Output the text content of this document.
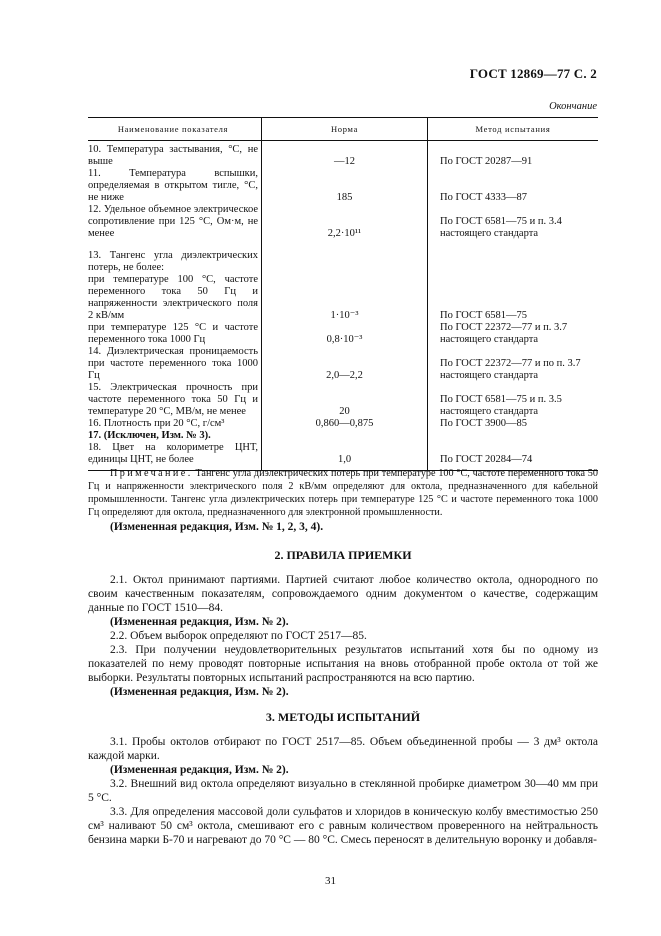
ГОСТ 12869—77 С. 2
Окончание
Наименование показателя	Норма	Метод испытания
10. Температура застывания, °С, не выше	—12	По ГОСТ 20287—91
11. Температура вспышки, определяемая в открытом тигле, °С, не ниже	185	По ГОСТ 4333—87
12. Удельное объемное электрическое сопротивление при 125 °С, Ом·м, не менее	2,2·10¹¹	По ГОСТ 6581—75 и п. 3.4 настоящего стандарта
13. Тангенс угла диэлектрических потерь, не более:		
при температуре 100 °С, частоте переменного тока 50 Гц и напряженности электрического поля 2 кВ/мм	1·10⁻³	По ГОСТ 6581—75
при температуре 125 °С и частоте переменного тока 1000 Гц	0,8·10⁻³	По ГОСТ 22372—77 и п. 3.7 настоящего стандарта
14. Диэлектрическая проницаемость при частоте переменного тока 1000 Гц	2,0—2,2	По ГОСТ 22372—77 и по п. 3.7 настоящего стандарта
15. Электрическая прочность при частоте переменного тока 50 Гц и температуре 20 °С, МВ/м, не менее	20	По ГОСТ 6581—75 и п. 3.5 настоящего стандарта
16. Плотность при 20 °С, г/см³	0,860—0,875	По ГОСТ 3900—85
17. (Исключен, Изм. № 3).		
18. Цвет на колориметре ЦНТ, единицы ЦНТ, не более	1,0	По ГОСТ 20284—74
Примечание. Тангенс угла диэлектрических потерь при температуре 100 °С, частоте переменного тока 50 Гц и напряженности электрического поля 2 кВ/мм определяют для октола, предназначенного для кабельной промышленности. Тангенс угла диэлектрических потерь при температуре 125 °С и частоте переменного тока 1000 Гц определяют для октола, предназначенного для электронной промышленности.

(Измененная редакция, Изм. № 1, 2, 3, 4).

2. ПРАВИЛА ПРИЕМКИ

2.1. Октол принимают партиями. Партией считают любое количество октола, однородного по своим качественным показателям, сопровождаемого одним документом о качестве, содержащим данные по ГОСТ 1510—84.

(Измененная редакция, Изм. № 2).

2.2. Объем выборок определяют по ГОСТ 2517—85.

2.3. При получении неудовлетворительных результатов испытаний хотя бы по одному из показателей по нему проводят повторные испытания на вновь отобранной пробе октола от той же выборки. Результаты повторных испытаний распространяются на всю партию.

(Измененная редакция, Изм. № 2).

3. МЕТОДЫ ИСПЫТАНИЙ

3.1. Пробы октолов отбирают по ГОСТ 2517—85. Объем объединенной пробы — 3 дм³ октола каждой марки.

(Измененная редакция, Изм. № 2).

3.2. Внешний вид октола определяют визуально в стеклянной пробирке диаметром 30—40 мм при 5 °С.

3.3. Для определения массовой доли сульфатов и хлоридов в коническую колбу вместимостью 250 см³ наливают 50 см³ октола, смешивают его с равным количеством проверенного на нейтральность бензина марки Б-70 и нагревают до 70 °С — 80 °С. Смесь переносят в делительную воронку и добавля-

31
